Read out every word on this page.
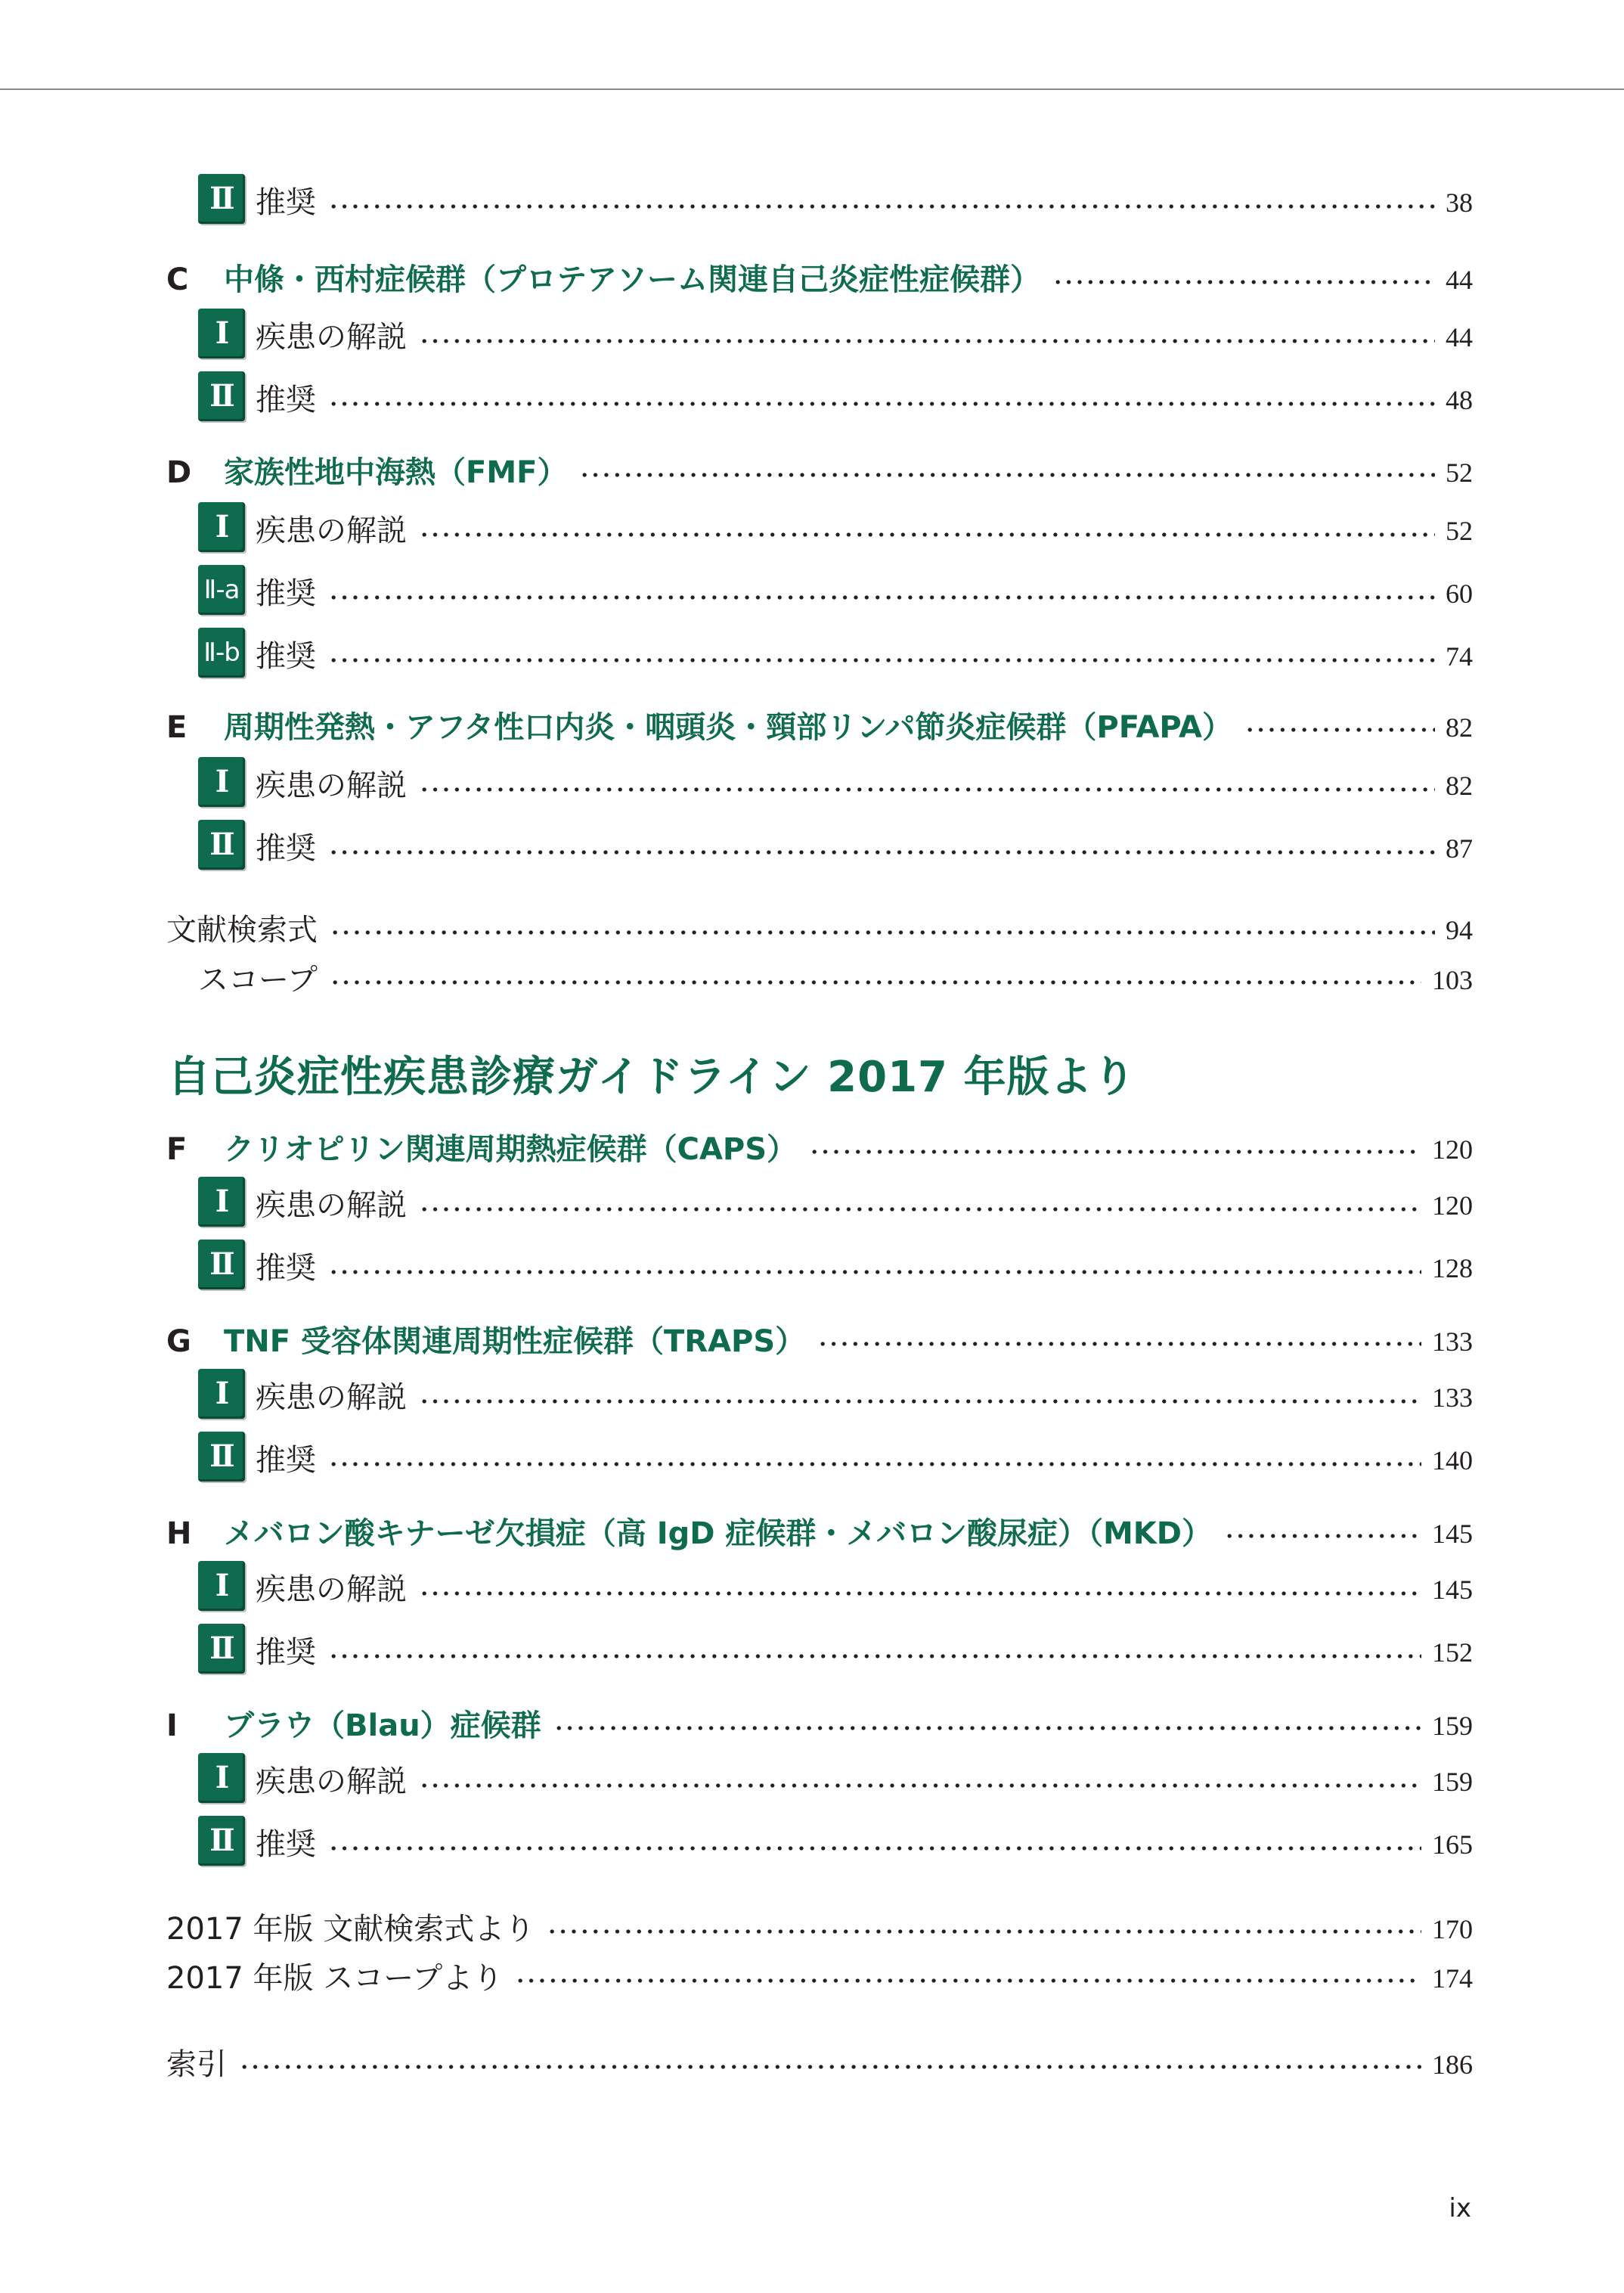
Ⅱ 推奨	38
C	中條・西村症候群（プロテアソーム関連自己炎症性症候群）	44
Ⅰ 疾患の解説	44
Ⅱ 推奨	48
D	家族性地中海熱（FMF）	52
Ⅰ 疾患の解説	52
Ⅱ-a 推奨	60
Ⅱ-b 推奨	74
E	周期性発熱・アフタ性口内炎・咽頭炎・頸部リンパ節炎症候群（PFAPA）	82
Ⅰ 疾患の解説	82
Ⅱ 推奨	87
文献検索式	94
スコープ	103
F	クリオピリン関連周期熱症候群（CAPS）	120
Ⅰ 疾患の解説	120
Ⅱ 推奨	128
G	TNF 受容体関連周期性症候群（TRAPS）	133
Ⅰ 疾患の解説	133
Ⅱ 推奨	140
H	メバロン酸キナーゼ欠損症（高 IgD 症候群・メバロン酸尿症）（MKD）	145
Ⅰ 疾患の解説	145
Ⅱ 推奨	152
I	ブラウ（Blau）症候群	159
Ⅰ 疾患の解説	159
Ⅱ 推奨	165
2017 年版 文献検索式より	170
2017 年版 スコープより	174
索引	186
自己炎症性疾患診療ガイドライン 2017 年版より
ix
